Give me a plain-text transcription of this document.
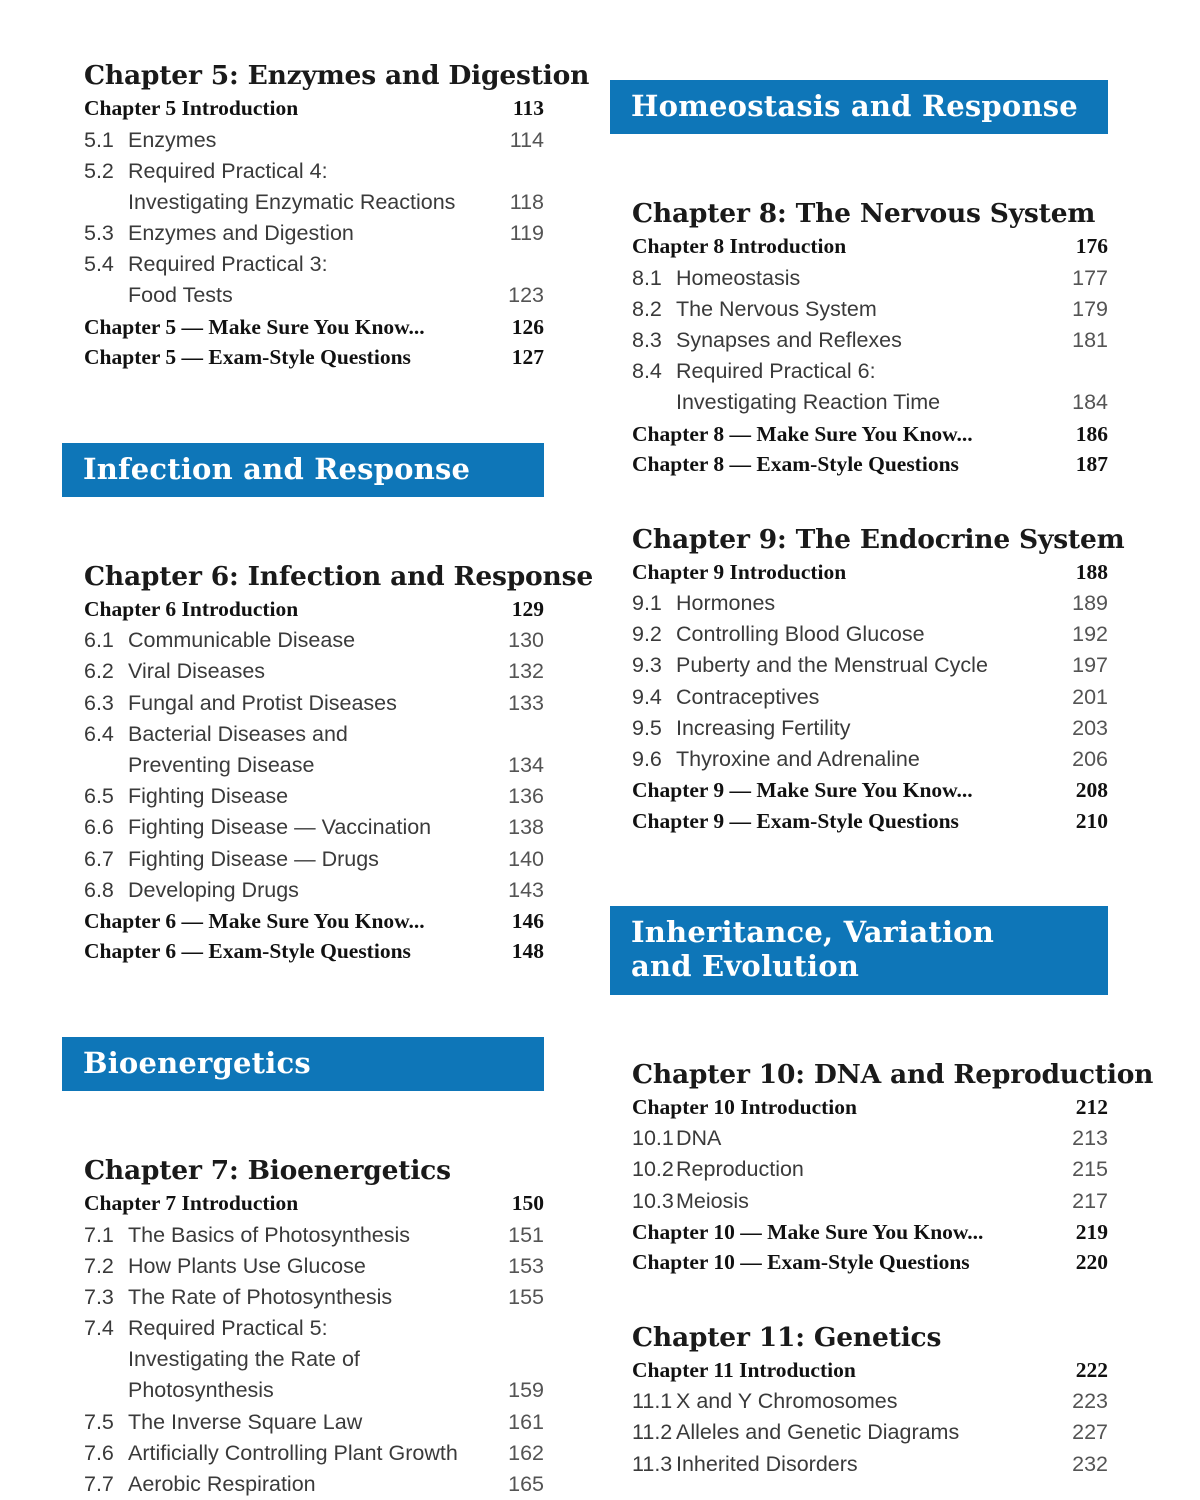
Chapter 5: Enzymes and Digestion
Chapter 5 Introduction	113
5.1 Enzymes	114
5.2 Required Practical 4:
Investigating Enzymatic Reactions	118
5.3 Enzymes and Digestion	119
5.4 Required Practical 3:
Food Tests	123
Chapter 5 — Make Sure You Know...	126
Chapter 5 — Exam-Style Questions	127
Infection and Response
Chapter 6: Infection and Response
Chapter 6 Introduction	129
6.1 Communicable Disease	130
6.2 Viral Diseases	132
6.3 Fungal and Protist Diseases	133
6.4 Bacterial Diseases and
Preventing Disease	134
6.5 Fighting Disease	136
6.6 Fighting Disease — Vaccination	138
6.7 Fighting Disease — Drugs	140
6.8 Developing Drugs	143
Chapter 6 — Make Sure You Know...	146
Chapter 6 — Exam-Style Questions	148
Bioenergetics
Chapter 7: Bioenergetics
Chapter 7 Introduction	150
7.1 The Basics of Photosynthesis	151
7.2 How Plants Use Glucose	153
7.3 The Rate of Photosynthesis	155
7.4 Required Practical 5:
Investigating the Rate of Photosynthesis	159
7.5 The Inverse Square Law	161
7.6 Artificially Controlling Plant Growth	162
7.7 Aerobic Respiration	165
Homeostasis and Response
Chapter 8: The Nervous System
Chapter 8 Introduction	176
8.1 Homeostasis	177
8.2 The Nervous System	179
8.3 Synapses and Reflexes	181
8.4 Required Practical 6:
Investigating Reaction Time	184
Chapter 8 — Make Sure You Know...	186
Chapter 8 — Exam-Style Questions	187
Chapter 9: The Endocrine System
Chapter 9 Introduction	188
9.1 Hormones	189
9.2 Controlling Blood Glucose	192
9.3 Puberty and the Menstrual Cycle	197
9.4 Contraceptives	201
9.5 Increasing Fertility	203
9.6 Thyroxine and Adrenaline	206
Chapter 9 — Make Sure You Know...	208
Chapter 9 — Exam-Style Questions	210
Inheritance, Variation
and Evolution
Chapter 10: DNA and Reproduction
Chapter 10 Introduction	212
10.1 DNA	213
10.2 Reproduction	215
10.3 Meiosis	217
Chapter 10 — Make Sure You Know...	219
Chapter 10 — Exam-Style Questions	220
Chapter 11: Genetics
Chapter 11 Introduction	222
11.1 X and Y Chromosomes	223
11.2 Alleles and Genetic Diagrams	227
11.3 Inherited Disorders	232
